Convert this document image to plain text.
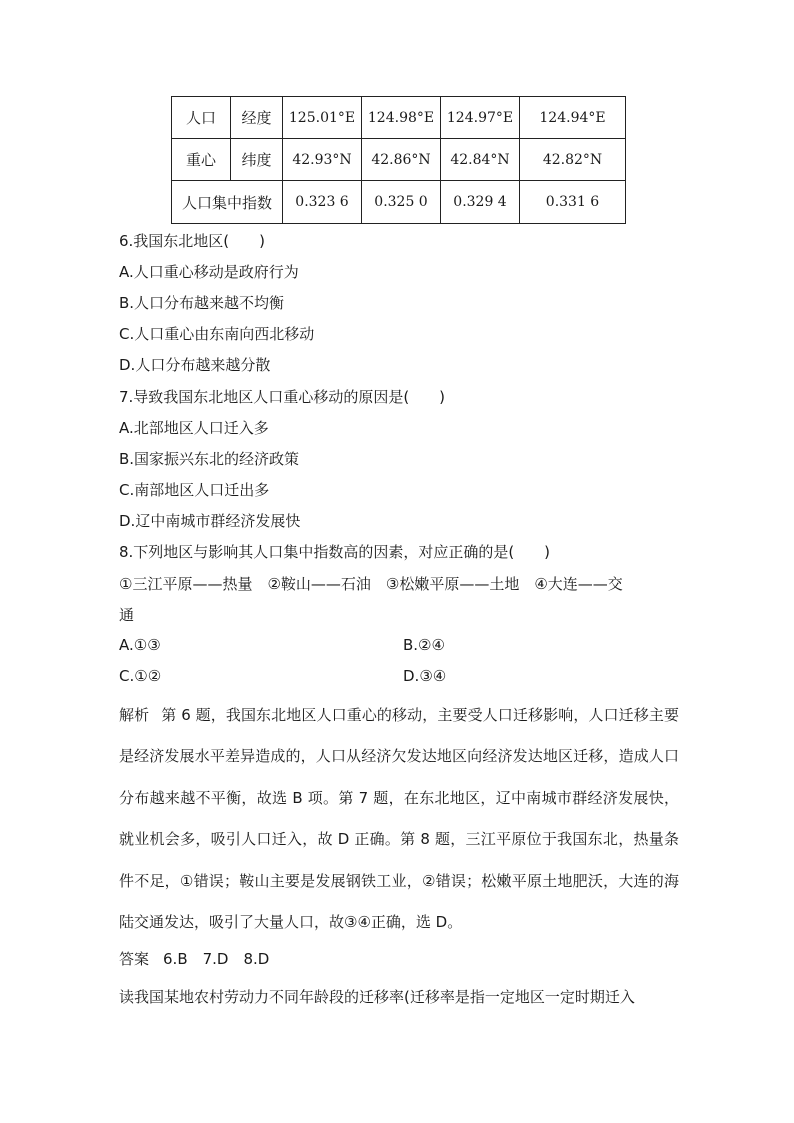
人口	经度	125.01°E	124.98°E	124.97°E	124.94°E
重心	纬度	42.93°N	42.86°N	42.84°N	42.82°N
人口集中指数		0.323 6	0.325 0	0.329 4	0.331 6
6.我国东北地区(　　)
A.人口重心移动是政府行为
B.人口分布越来越不均衡
C.人口重心由东南向西北移动
D.人口分布越来越分散
7.导致我国东北地区人口重心移动的原因是(　　)
A.北部地区人口迁入多
B.国家振兴东北的经济政策
C.南部地区人口迁出多
D.辽中南城市群经济发展快
8.下列地区与影响其人口集中指数高的因素，对应正确的是(　　)
①三江平原——热量　②鞍山——石油　③松嫩平原——土地　④大连——交
通
A.①③	B.②④
C.①②	D.③④
解析 第 6 题，我国东北地区人口重心的移动，主要受人口迁移影响，人口迁移主要是经济发展水平差异造成的，人口从经济欠发达地区向经济发达地区迁移，造成人口分布越来越不平衡，故选 B 项。第 7 题，在东北地区，辽中南城市群经济发展快，就业机会多，吸引人口迁入，故 D 正确。第 8 题，三江平原位于我国东北，热量条件不足，①错误；鞍山主要是发展钢铁工业，②错误；松嫩平原土地肥沃，大连的海陆交通发达，吸引了大量人口，故③④正确，选 D。
答案 6.B　7.D　8.D
读我国某地农村劳动力不同年龄段的迁移率(迁移率是指一定地区一定时期迁入
